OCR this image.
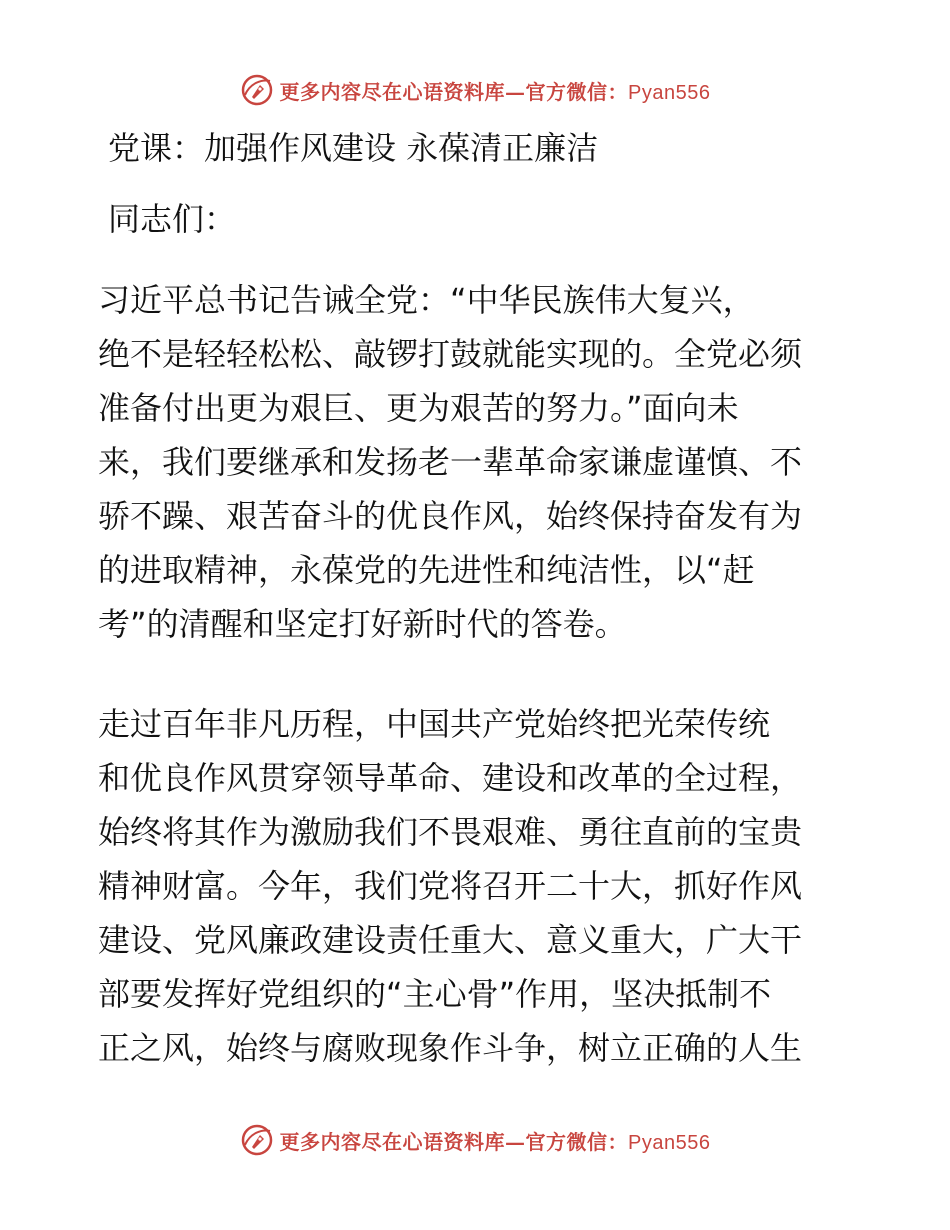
更多内容尽在心语资料库—官方微信：Pyan556
党课：加强作风建设 永葆清正廉洁
同志们：
习近平总书记告诫全党：“中华民族伟大复兴，
绝不是轻轻松松、敲锣打鼓就能实现的。全党必须
准备付出更为艰巨、更为艰苦的努力。”面向未
来，我们要继承和发扬老一辈革命家谦虚谨慎、不
骄不躁、艰苦奋斗的优良作风，始终保持奋发有为
的进取精神，永葆党的先进性和纯洁性，以“赶
考”的清醒和坚定打好新时代的答卷。
走过百年非凡历程，中国共产党始终把光荣传统
和优良作风贯穿领导革命、建设和改革的全过程，
始终将其作为激励我们不畏艰难、勇往直前的宝贵
精神财富。今年，我们党将召开二十大，抓好作风
建设、党风廉政建设责任重大、意义重大，广大干
部要发挥好党组织的“主心骨”作用，坚决抵制不
正之风，始终与腐败现象作斗争，树立正确的人生
更多内容尽在心语资料库—官方微信：Pyan556
